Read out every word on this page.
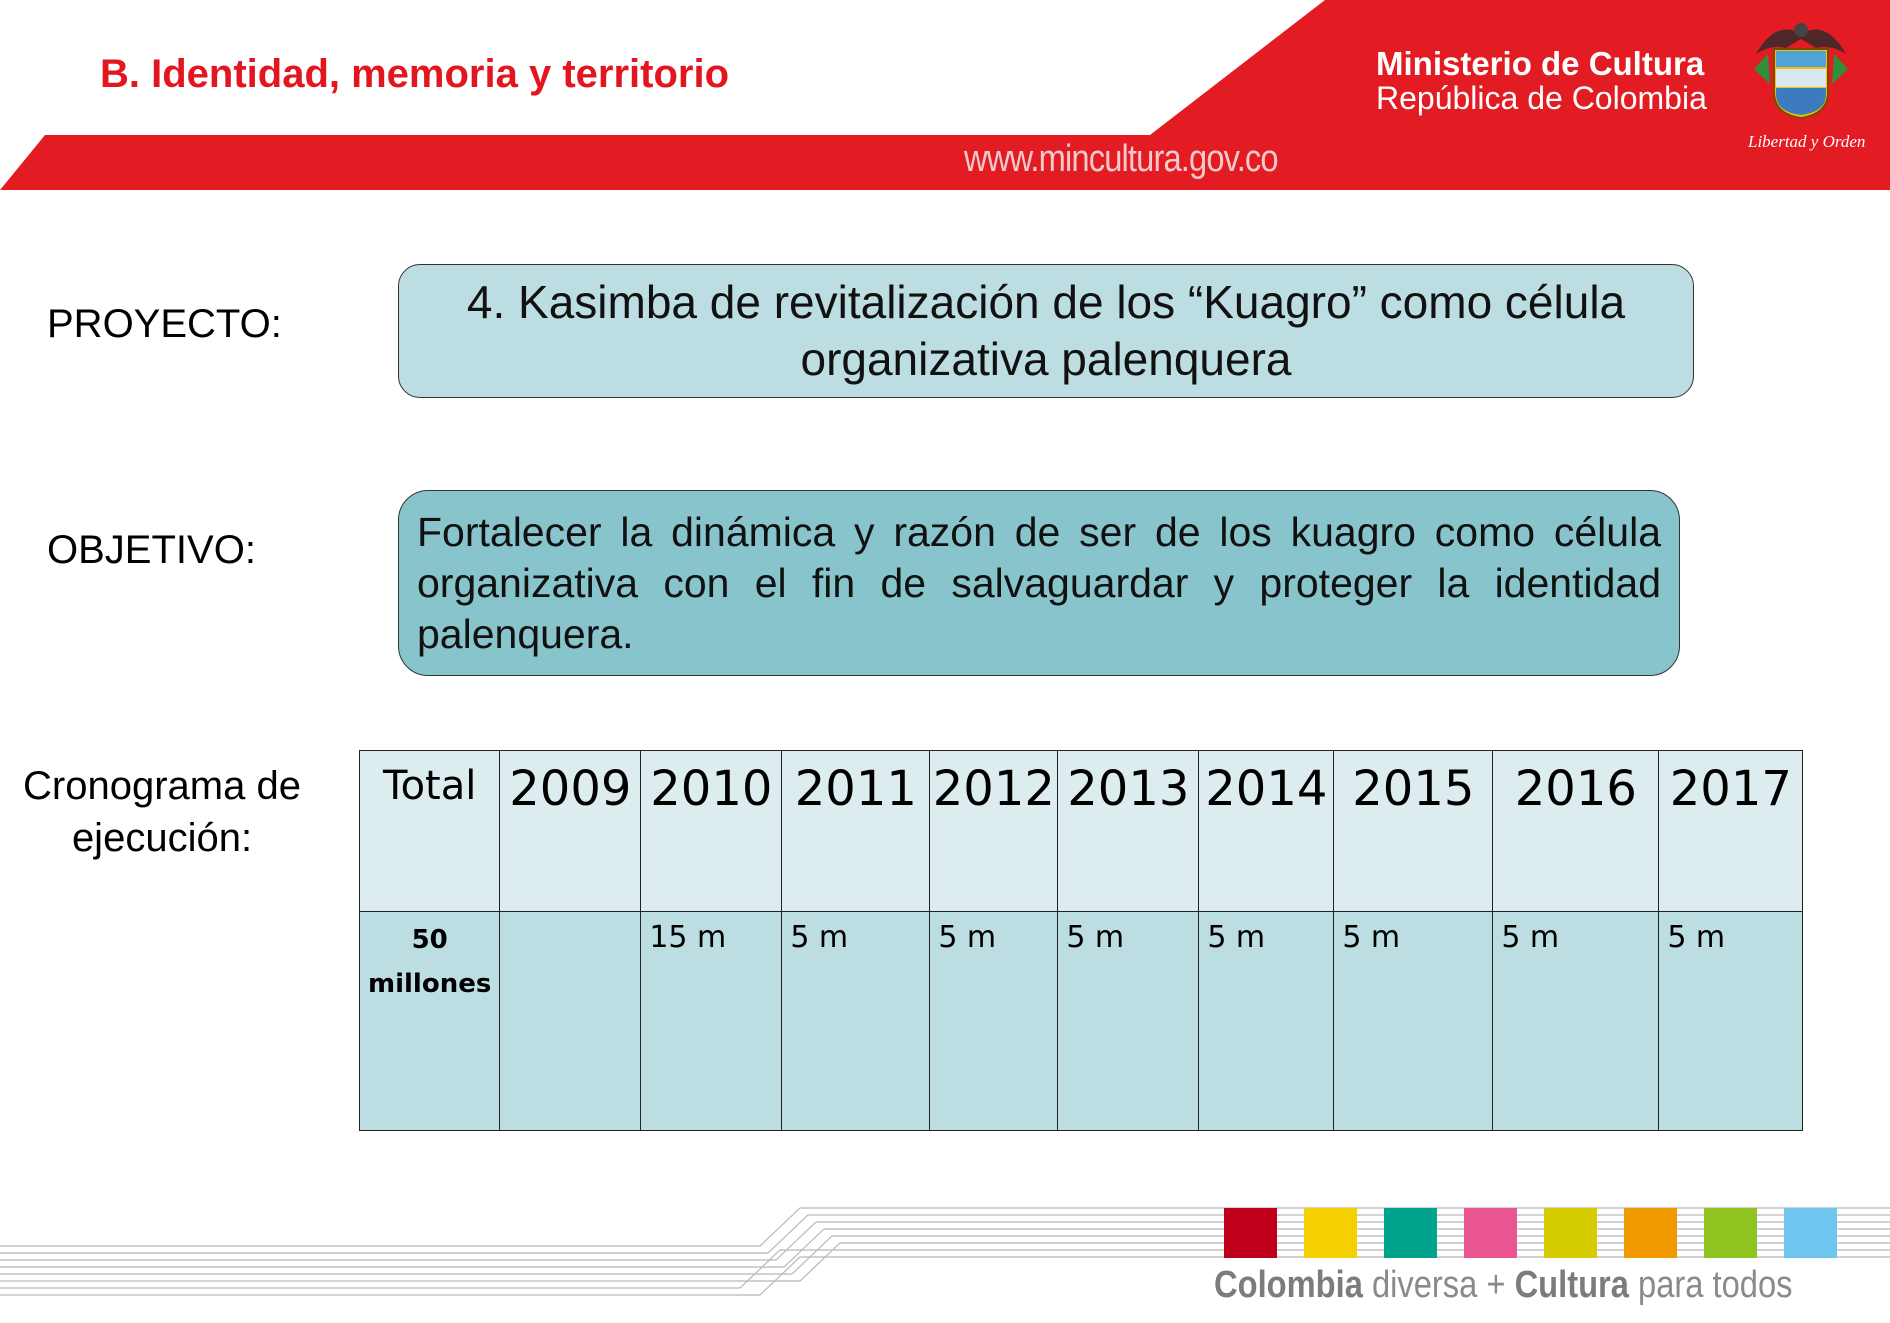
B. Identidad, memoria y territorio	Ministerio de Cultura
República de Colombia
www.mincultura.gov.co	Libertad y Orden
PROYECTO:	4. Kasimba de revitalización de los “Kuagro” como célula organizativa palenquera
OBJETIVO:	Fortalecer la dinámica y razón de ser de los kuagro como célula organizativa con el fin de salvaguardar y proteger la identidad palenquera.
Cronograma de
ejecución:
Total	2009	2010	2011	2012	2013	2014	2015	2016	2017

50
millones		15 m	5 m	5 m	5 m	5 m	5 m	5 m	5 m
Colombia diversa + Cultura para todos
